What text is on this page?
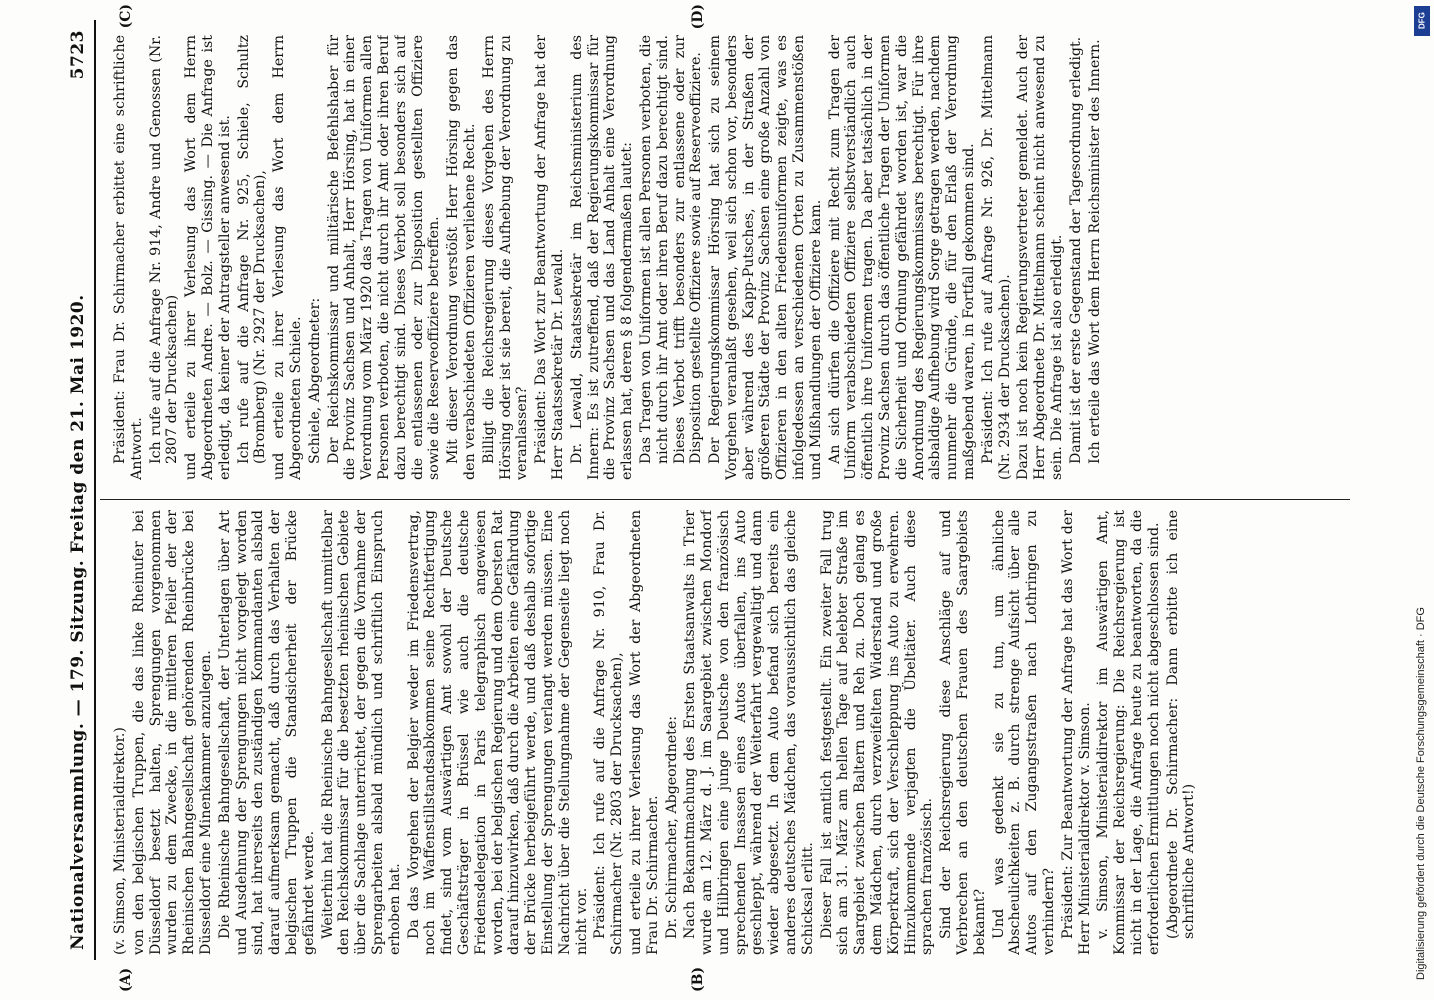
Nationalversammlung. — 179. Sitzung. Freitag den 21. Mai 1920.
5723
(A)	(B)
(C)	(D)

(v. Simson, Ministerialdirektor.) von den belgischen Truppen, die das linke Rheinufer bei Düsseldorf besetzt halten, Sprengungen vorgenommen wurden zu dem Zwecke, in die mittleren Pfeiler der der Rheinischen Bahngesellschaft gehörenden Rheinbrücke bei Düsseldorf eine Minenkammer anzulegen. Die Rheinische Bahngesellschaft, der Unterlagen über Art und Ausdehnung der Sprengungen nicht vorgelegt worden sind, hat ihrerseits den zuständigen Kommandanten alsbald darauf aufmerksam gemacht, daß durch das Verhalten der belgischen Truppen die Standsicherheit der Brücke gefährdet werde. Weiterhin hat die Rheinische Bahngesellschaft unmittelbar den Reichskommissar für die besetzten rheinischen Gebiete über die Sachlage unterrichtet, der gegen die Vornahme der Sprengarbeiten alsbald mündlich und schriftlich Einspruch erhoben hat. Da das Vorgehen der Belgier weder im Friedensvertrag, noch im Waffenstillstandsabkommen seine Rechtfertigung findet, sind vom Auswärtigen Amt sowohl der Deutsche Geschäftsträger in Brüssel wie auch die deutsche Friedensdelegation in Paris telegraphisch angewiesen worden, bei der belgischen Regierung und dem Obersten Rat darauf hinzuwirken, daß durch die Arbeiten eine Gefährdung der Brücke herbeigeführt werde, und daß deshalb sofortige Einstellung der Sprengungen verlangt werden müssen. Eine Nachricht über die Stellungnahme der Gegenseite liegt noch nicht vor. Präsident: Ich rufe auf die Anfrage Nr. 910, Frau Dr. Schirmacher (Nr. 2803 der Drucksachen), und erteile zu ihrer Verlesung das Wort der Abgeordneten Frau Dr. Schirmacher. Dr. Schirmacher, Abgeordnete: Nach Bekanntmachung des Ersten Staatsanwalts in Trier wurde am 12. März d. J. im Saargebiet zwischen Mondorf und Hilbringen eine junge Deutsche von den französisch sprechenden Insassen eines Autos überfallen, ins Auto geschleppt, während der Weiterfahrt vergewaltigt und dann wieder abgesetzt. In dem Auto befand sich bereits ein anderes deutsches Mädchen, das voraussichtlich das gleiche Schicksal erlitt. Dieser Fall ist amtlich festgestellt. Ein zweiter Fall trug sich am 31. März am hellen Tage auf belebter Straße im Saargebiet zwischen Baltern und Reh zu. Doch gelang es dem Mädchen, durch verzweifelten Widerstand und große Körperkraft, sich der Verschleppung ins Auto zu erwehren. Hinzukommende verjagten die Übeltäter. Auch diese sprachen französisch. Sind der Reichsregierung diese Anschläge auf und Verbrechen an den deutschen Frauen des Saargebiets bekannt? Und was gedenkt sie zu tun, um ähnliche Abscheulichkeiten z. B. durch strenge Aufsicht über alle Autos auf den Zugangsstraßen nach Lothringen zu verhindern? Präsident: Zur Beantwortung der Anfrage hat das Wort der Herr Ministerialdirektor v. Simson. v. Simson, Ministerialdirektor im Auswärtigen Amt, Kommissar der Reichsregierung: Die Reichsregierung ist nicht in der Lage, die Anfrage heute zu beantworten, da die erforderlichen Ermittlungen noch nicht abgeschlossen sind. (Abgeordnete Dr. Schirmacher: Dann erbitte ich eine schriftliche Antwort!)

Präsident: Frau Dr. Schirmacher erbittet eine schriftliche Antwort. Ich rufe auf die Anfrage Nr. 914, Andre und Genossen (Nr. 2807 der Drucksachen) und erteile zu ihrer Verlesung das Wort dem Herrn Abgeordneten Andre. — Bolz. — Gissing. — Die Anfrage ist erledigt, da keiner der Antragsteller anwesend ist. Ich rufe auf die Anfrage Nr. 925, Schiele, Schultz (Bromberg) (Nr. 2927 der Drucksachen), und erteile zu ihrer Verlesung das Wort dem Herrn Abgeordneten Schiele. Schiele, Abgeordneter: Der Reichskommissar und militärische Befehlshaber für die Provinz Sachsen und Anhalt, Herr Hörsing, hat in einer Verordnung vom März 1920 das Tragen von Uniformen allen Personen verboten, die nicht durch ihr Amt oder ihren Beruf dazu berechtigt sind. Dieses Verbot soll besonders sich auf die entlassenen oder zur Disposition gestellten Offiziere sowie die Reserveoffiziere betreffen. Mit dieser Verordnung verstößt Herr Hörsing gegen das den verabschiedeten Offizieren verliehene Recht. Billigt die Reichsregierung dieses Vorgehen des Herrn Hörsing oder ist sie bereit, die Aufhebung der Verordnung zu veranlassen? Präsident: Das Wort zur Beantwortung der Anfrage hat der Herr Staatssekretär Dr. Lewald. Dr. Lewald, Staatssekretär im Reichsministerium des Innern: Es ist zutreffend, daß der Regierungskommissar für die Provinz Sachsen und das Land Anhalt eine Verordnung erlassen hat, deren § 8 folgendermaßen lautet: Das Tragen von Uniformen ist allen Personen verboten, die nicht durch ihr Amt oder ihren Beruf dazu berechtigt sind. Dieses Verbot trifft besonders zur entlassene oder zur Disposition gestellte Offiziere sowie auf Reserveoffiziere. Der Regierungskommissar Hörsing hat sich zu seinem Vorgehen veranlaßt gesehen, weil sich schon vor, besonders aber während des Kapp-Putsches, in der Straßen der größeren Städte der Provinz Sachsen eine große Anzahl von Offizieren in den alten Friedensuniformen zeigte, was es infolgedessen an verschiedenen Orten zu Zusammenstößen und Mißhandlungen der Offiziere kam. An sich dürfen die Offiziere mit Recht zum Tragen der Uniform verabschiedeten Offiziere selbstverständlich auch öffentlich ihre Uniformen tragen. Da aber tatsächlich in der Provinz Sachsen durch das öffentliche Tragen der Uniformen die Sicherheit und Ordnung gefährdet worden ist, war die Anordnung des Regierungskommissars berechtigt. Für ihre alsbaldige Aufhebung wird Sorge getragen werden, nachdem nunmehr die Gründe, die für den Erlaß der Verordnung maßgebend waren, in Fortfall gekommen sind. Präsident: Ich rufe auf Anfrage Nr. 926, Dr. Mittelmann (Nr. 2934 der Drucksachen). Dazu ist noch kein Regierungsvertreter gemeldet. Auch der Herr Abgeordnete Dr. Mittelmann scheint nicht anwesend zu sein. Die Anfrage ist also erledigt. Damit ist der erste Gegenstand der Tagesordnung erledigt. Ich erteile das Wort dem Herrn Reichsminister des Innern.

DFG
Digitalisierung gefördert durch die Deutsche Forschungsgemeinschaft · DFG
